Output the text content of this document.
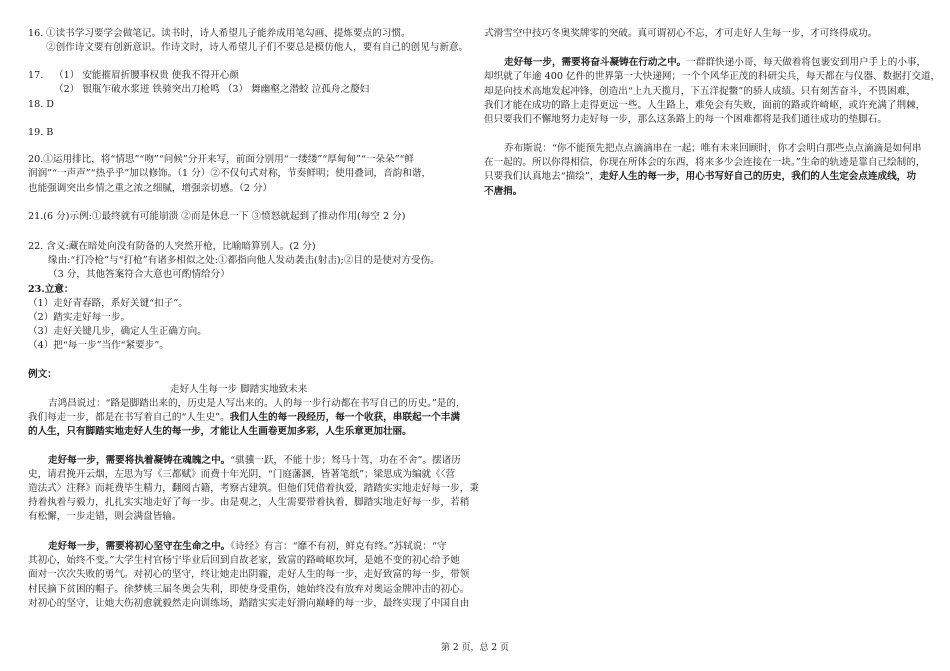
16. ①读书学习要学会做笔记。读书时，诗人希望儿子能养成用笔勾画、提炼要点的习惯。
②创作诗文要有创新意识。作诗文时，诗人希望儿子们不要总是模仿他人，要有自己的创见与新意。
17. （1） 安能摧眉折腰事权贵 使我不得开心颜
（2） 银瓶乍破水浆迸 铁骑突出刀枪鸣 （3） 舞幽壑之潜蛟 泣孤舟之嫠妇
18. D
19. B
20.①运用排比，将“情思”“吻”“问候”分开来写，前面分别用“一缕缕”“厚甸甸”“一朵朵”“鲜
润润”“一声声”“热乎乎”加以修饰。（1 分）②不仅句式对称，节奏鲜明；使用叠词，音韵和谐，
也能强调突出乡情之重之浓之细腻，增强亲切感。（2 分）
21.(6 分)示例:①最终就有可能崩溃 ②而是休息一下 ③愤怒就起到了推动作用(每空 2 分)
22. 含义:藏在暗处向没有防备的人突然开枪，比喻暗算别人。(2 分)
缘由:“打冷枪”与“打枪”有诸多相似之处:①都指向他人发动袭击(射击);②目的是使对方受伤。
（3 分，其他答案符合大意也可酌情给分）
23.立意：
（1）走好青春路，系好关键“扣子”。
（2）踏实走好每一步。
（3）走好关键几步，确定人生正确方向。
（4）把“每一步”当作“紧要步”。
例文：
走好人生每一步 脚踏实地致未来
吉鸿昌说过：“路是脚踏出来的，历史是人写出来的。人的每一步行动都在书写自己的历史。”是的，
我们每走一步，都是在书写着自己的“人生史”。我们人生的每一段经历，每一个收获，串联起一个丰满
的人生，只有脚踏实地走好人生的每一步，才能让人生画卷更加多彩，人生乐章更加壮丽。
走好每一步，需要将执着凝铸在魂魄之中。“骐骥一跃，不能十步；驽马十驾，功在不舍”。摆诸历
史，请君挽开云烟，左思为写《三都赋》而费十年光阴，“门庭藩溷，皆著笔纸”；梁思成为编就《〈营
造法式〉注释》而耗费毕生精力，翻阅古籍，考察古建筑。但他们凭借着执爱，踏踏实实地走好每一步，秉
持着执着与毅力，扎扎实实地走好了每一步。由是观之，人生需要带着执着，脚踏实地走好每一步，若稍
有松懈，一步走错，则会满盘皆输。
走好每一步，需要将初心坚守在生命之中。《诗经》有言：“靡不有初，鲜克有终。”苏轼说：“守
其初心，始终不变。”大学生村官杨宁毕业后回到自故老家，致富的路崎岖坎坷，是她不变的初心给予她
面对一次次失败的勇气。对初心的坚守，终让她走出阴霾，走好人生的每一步，走好致富的每一步，带领
村民摘下贫困的帽子。徐梦桃三届冬奥会失利，即使身受重伤，她始终没有放弃对奥运金牌冲击的初心。
对初心的坚守，让她大伤初愈就毅然走向训练场，踏踏实实走好滑向巅峰的每一步，最终实现了中国自由
式滑雪空中技巧冬奥奖牌零的突破。真可谓初心不忘，才可走好人生每一步，才可终得成功。
走好每一步，需要将奋斗凝铸在行动之中。一群群快递小哥，每天做着将包裹安到用户手上的小事，
却织就了年逾 400 亿件的世界第一大快递网；一个个风华正茂的科研尖兵，每天都在与仪器、数据打交道，
却是向技术高地发起冲锋，创造出“上九天揽月，下五洋捉鳖”的骄人成绩。只有刻苦奋斗，不畏困难，
我们才能在成功的路上走得更远一些。人生路上，难免会有失败，面前的路或许崎岖，或许充满了荆棘，
但只要我们不懈地努力走好每一步，那么这条路上的每一个困难都将是我们通往成功的垫脚石。
乔布斯说：“你不能预先把点点滴滴串在一起；唯有未来回顾时，你才会明白那些点点滴滴是如何串
在一起的。所以你得相信，你现在所体会的东西，将来多少会连接在一块。”生命的轨迹是靠自己绘制的，
只要我们认真地去“描绘”，走好人生的每一步，用心书写好自己的历史，我们的人生定会点连成线，功
不唐捐。
第 2 页，总 2 页
